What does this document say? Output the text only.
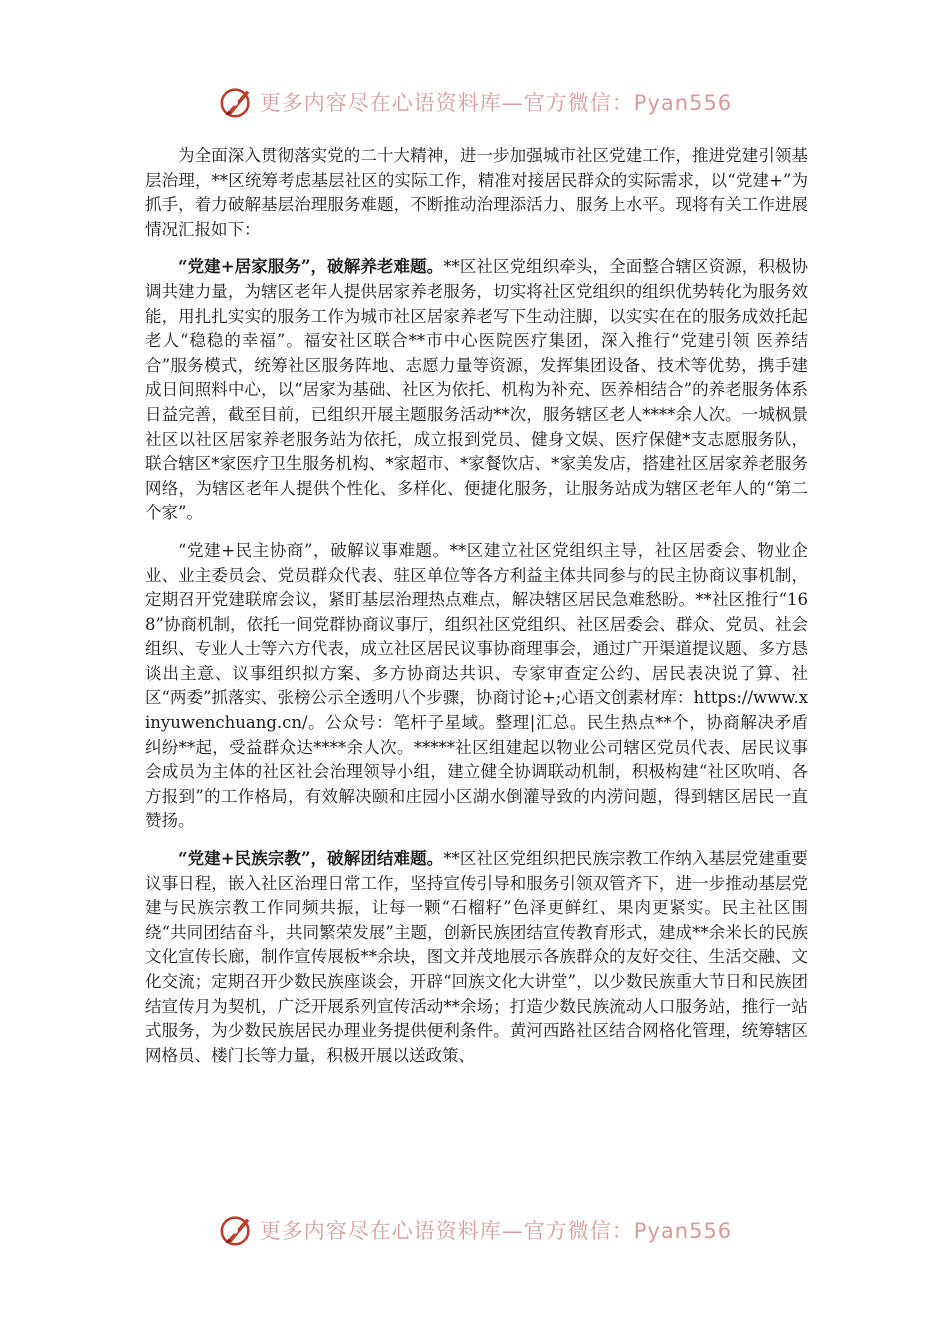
更多内容尽在心语资料库—官方微信：Pyan556

为全面深入贯彻落实党的二十大精神，进一步加强城市社区党建工作，推进党建引领基层治理，**区统筹考虑基层社区的实际工作，精准对接居民群众的实际需求，以“党建+”为抓手，着力破解基层治理服务难题，不断推动治理添活力、服务上水平。现将有关工作进展情况汇报如下：

“党建+居家服务”，破解养老难题。**区社区党组织牵头，全面整合辖区资源，积极协调共建力量，为辖区老年人提供居家养老服务，切实将社区党组织的组织优势转化为服务效能，用扎扎实实的服务工作为城市社区居家养老写下生动注脚，以实实在在的服务成效托起老人“稳稳的幸福”。福安社区联合**市中心医院医疗集团，深入推行“党建引领 医养结合”服务模式，统筹社区服务阵地、志愿力量等资源，发挥集团设备、技术等优势，携手建成日间照料中心，以“居家为基础、社区为依托、机构为补充、医养相结合”的养老服务体系日益完善，截至目前，已组织开展主题服务活动**次，服务辖区老人****余人次。一城枫景社区以社区居家养老服务站为依托，成立报到党员、健身文娱、医疗保健*支志愿服务队，联合辖区*家医疗卫生服务机构、*家超市、*家餐饮店、*家美发店，搭建社区居家养老服务网络，为辖区老年人提供个性化、多样化、便捷化服务，让服务站成为辖区老年人的“第二个家”。

“党建+民主协商”，破解议事难题。**区建立社区党组织主导，社区居委会、物业企业、业主委员会、党员群众代表、驻区单位等各方利益主体共同参与的民主协商议事机制，定期召开党建联席会议，紧盯基层治理热点难点，解决辖区居民急难愁盼。**社区推行“168”协商机制，依托一间党群协商议事厅，组织社区党组织、社区居委会、群众、党员、社会组织、专业人士等六方代表，成立社区居民议事协商理事会，通过广开渠道提议题、多方恳谈出主意、议事组织拟方案、多方协商达共识、专家审查定公约、居民表决说了算、社区“两委”抓落实、张榜公示全透明八个步骤，协商讨论+;心语文创素材库：https://www.xinyuwenchuang.cn/。公众号：笔杆子星域。整理|汇总。民生热点**个，协商解决矛盾纠纷**起，受益群众达****余人次。*****社区组建起以物业公司辖区党员代表、居民议事会成员为主体的社区社会治理领导小组，建立健全协调联动机制，积极构建“社区吹哨、各方报到”的工作格局，有效解决颐和庄园小区湖水倒灌导致的内涝问题，得到辖区居民一直赞扬。

“党建+民族宗教”，破解团结难题。**区社区党组织把民族宗教工作纳入基层党建重要议事日程，嵌入社区治理日常工作，坚持宣传引导和服务引领双管齐下，进一步推动基层党建与民族宗教工作同频共振，让每一颗“石榴籽”色泽更鲜红、果肉更紧实。民主社区围绕“共同团结奋斗，共同繁荣发展”主题，创新民族团结宣传教育形式，建成**余米长的民族文化宣传长廊，制作宣传展板**余块，图文并茂地展示各族群众的友好交往、生活交融、文化交流；定期召开少数民族座谈会，开辟“回族文化大讲堂”，以少数民族重大节日和民族团结宣传月为契机，广泛开展系列宣传活动**余场；打造少数民族流动人口服务站，推行一站式服务，为少数民族居民办理业务提供便利条件。黄河西路社区结合网格化管理，统筹辖区网格员、楼门长等力量，积极开展以送政策、

更多内容尽在心语资料库—官方微信：Pyan556
